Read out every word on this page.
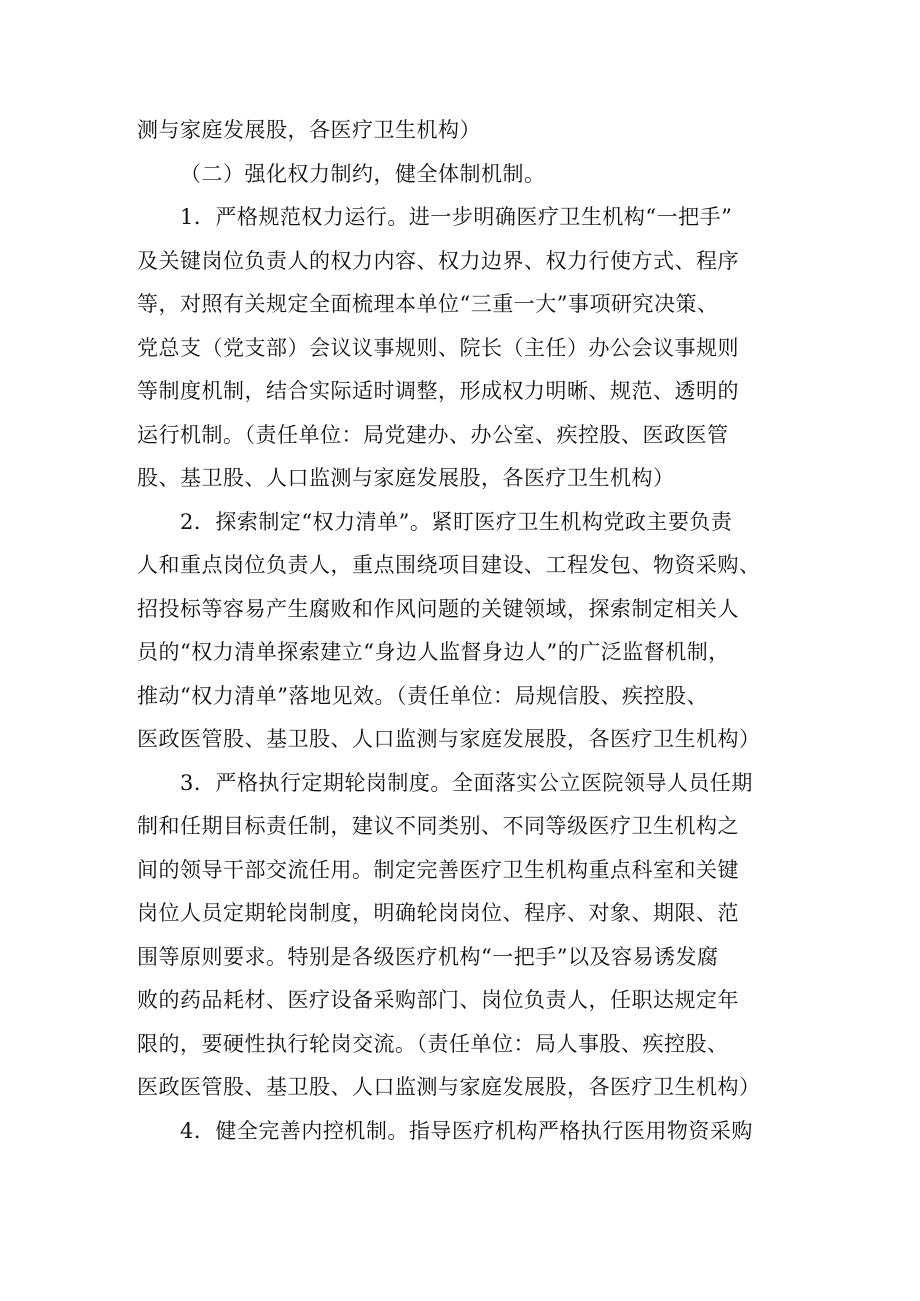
测与家庭发展股，各医疗卫生机构）
（二）强化权力制约，健全体制机制。
1．严格规范权力运行。进一步明确医疗卫生机构“一把手”
及关键岗位负责人的权力内容、权力边界、权力行使方式、程序
等，对照有关规定全面梳理本单位“三重一大”事项研究决策、
党总支（党支部）会议议事规则、院长（主任）办公会议事规则
等制度机制，结合实际适时调整，形成权力明晰、规范、透明的
运行机制。（责任单位：局党建办、办公室、疾控股、医政医管
股、基卫股、人口监测与家庭发展股，各医疗卫生机构）
2．探索制定“权力清单”。紧盯医疗卫生机构党政主要负责
人和重点岗位负责人，重点围绕项目建设、工程发包、物资采购、
招投标等容易产生腐败和作风问题的关键领域，探索制定相关人
员的“权力清单探索建立“身边人监督身边人”的广泛监督机制，
推动“权力清单”落地见效。（责任单位：局规信股、疾控股、
医政医管股、基卫股、人口监测与家庭发展股，各医疗卫生机构）
3．严格执行定期轮岗制度。全面落实公立医院领导人员任期
制和任期目标责任制，建议不同类别、不同等级医疗卫生机构之
间的领导干部交流任用。制定完善医疗卫生机构重点科室和关键
岗位人员定期轮岗制度，明确轮岗岗位、程序、对象、期限、范
围等原则要求。特别是各级医疗机构“一把手”以及容易诱发腐
败的药品耗材、医疗设备采购部门、岗位负责人，任职达规定年
限的，要硬性执行轮岗交流。（责任单位：局人事股、疾控股、
医政医管股、基卫股、人口监测与家庭发展股，各医疗卫生机构）
4．健全完善内控机制。指导医疗机构严格执行医用物资采购
